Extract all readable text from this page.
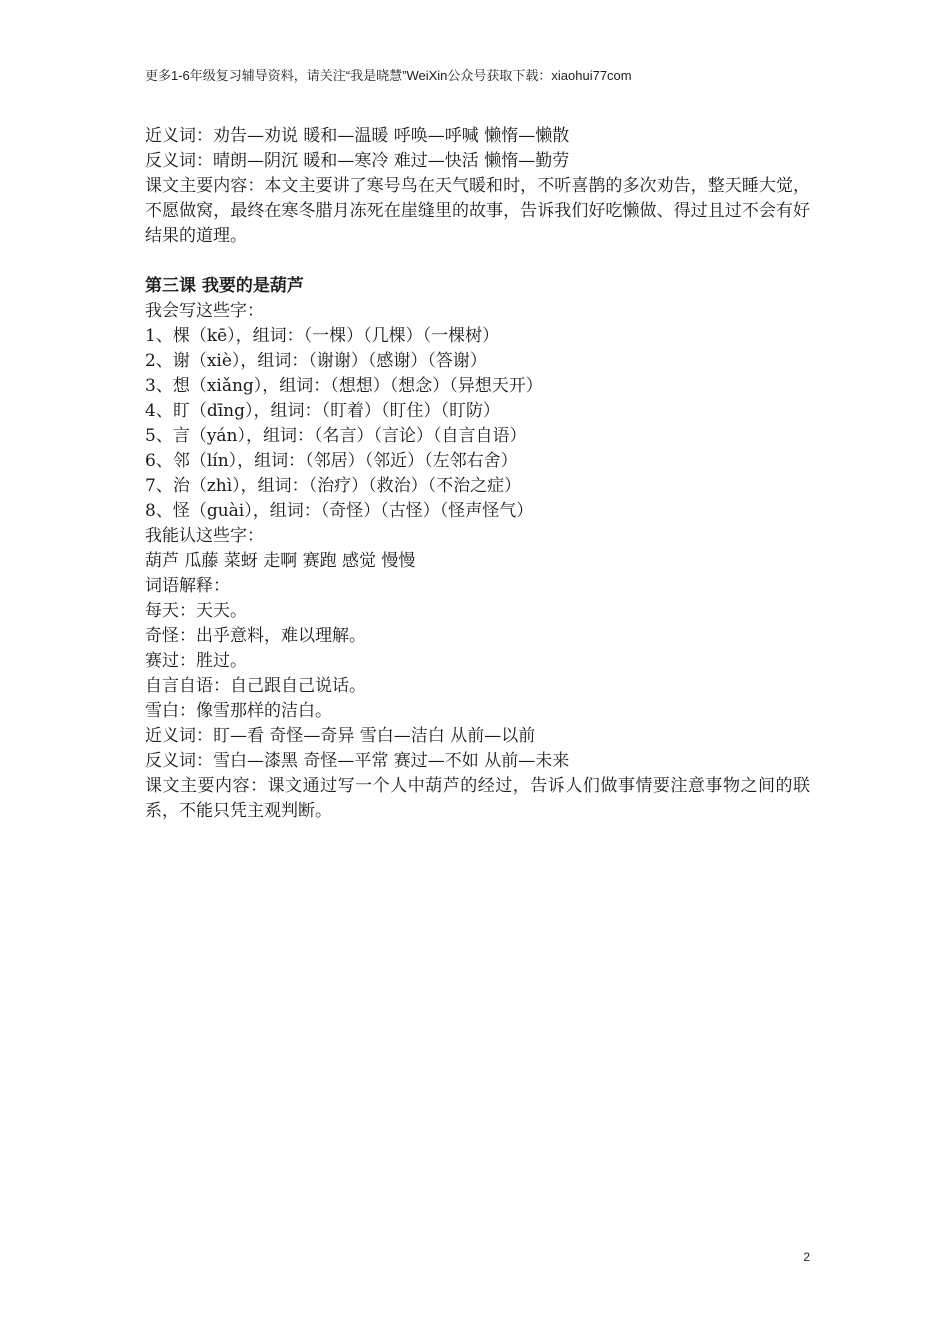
更多1-6年级复习辅导资料，请关注“我是晓慧”WeiXin公众号获取下载：xiaohui77com
近义词：劝告—劝说 暖和—温暖 呼唤—呼喊 懒惰—懒散
反义词：晴朗—阴沉 暖和—寒冷 难过—快活 懒惰—勤劳
课文主要内容：本文主要讲了寒号鸟在天气暖和时，不听喜鹊的多次劝告，整天睡大觉，不愿做窝，最终在寒冬腊月冻死在崖缝里的故事，告诉我们好吃懒做、得过且过不会有好结果的道理。
第三课 我要的是葫芦
我会写这些字：
1、棵（kē），组词：（一棵）（几棵）（一棵树）
2、谢（xiè），组词：（谢谢）（感谢）（答谢）
3、想（xiǎng），组词：（想想）（想念）（异想天开）
4、盯（dīng），组词：（盯着）（盯住）（盯防）
5、言（yán），组词：（名言）（言论）（自言自语）
6、邻（lín），组词：（邻居）（邻近）（左邻右舍）
7、治（zhì），组词：（治疗）（救治）（不治之症）
8、怪（guài），组词：（奇怪）（古怪）（怪声怪气）
我能认这些字：
葫芦 瓜藤 菜蚜 走啊 赛跑 感觉 慢慢
词语解释：
每天：天天。
奇怪：出乎意料，难以理解。
赛过：胜过。
自言自语：自己跟自己说话。
雪白：像雪那样的洁白。
近义词：盯—看 奇怪—奇异 雪白—洁白 从前—以前
反义词：雪白—漆黑 奇怪—平常 赛过—不如 从前—未来
课文主要内容：课文通过写一个人中葫芦的经过，告诉人们做事情要注意事物之间的联系，不能只凭主观判断。
2
